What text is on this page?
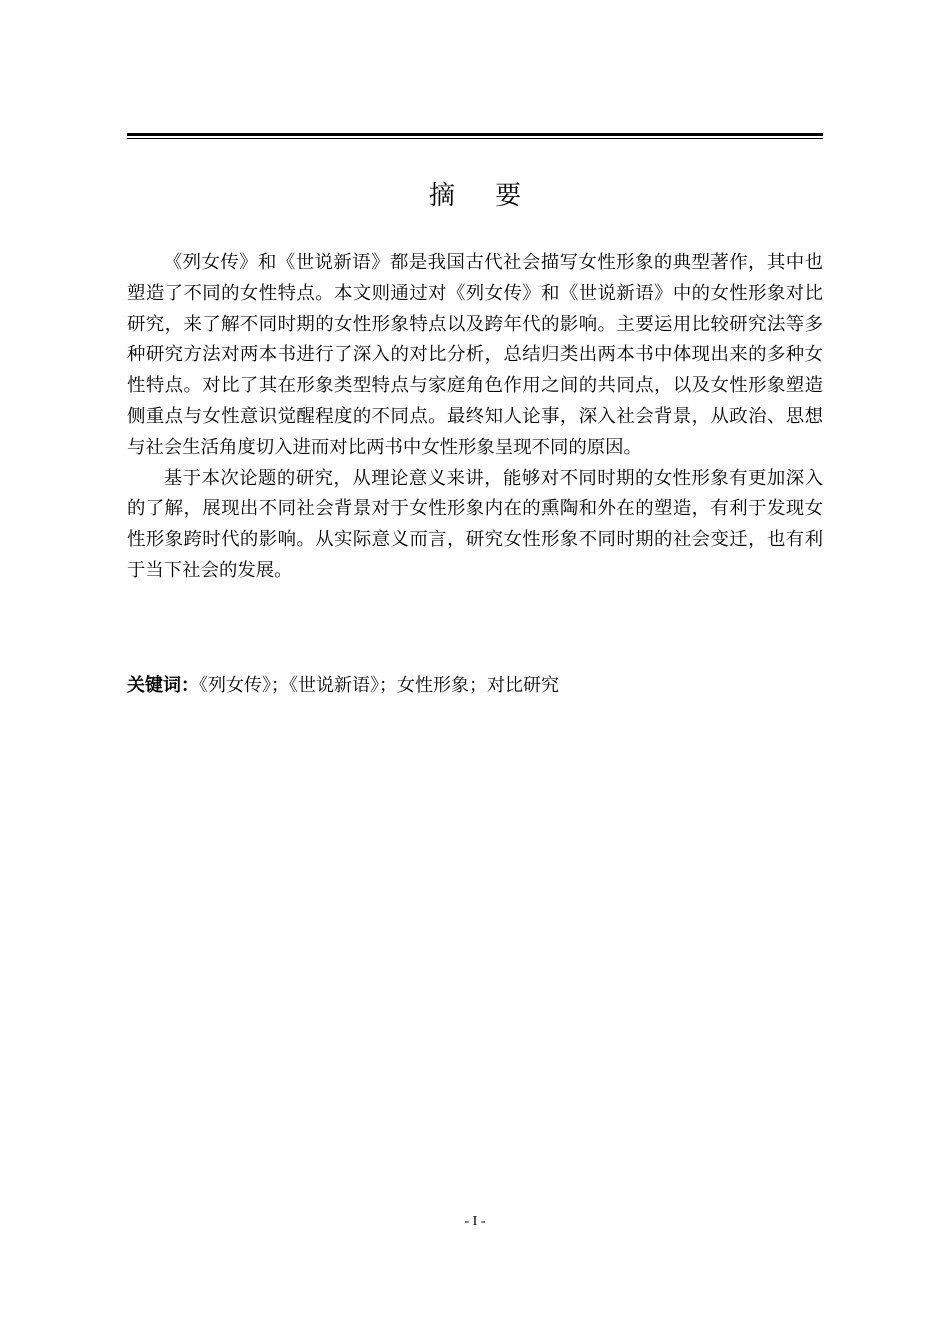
摘 要

《列女传》和《世说新语》都是我国古代社会描写女性形象的典型著作，其中也塑造了不同的女性特点。本文则通过对《列女传》和《世说新语》中的女性形象对比研究，来了解不同时期的女性形象特点以及跨年代的影响。主要运用比较研究法等多种研究方法对两本书进行了深入的对比分析，总结归类出两本书中体现出来的多种女性特点。对比了其在形象类型特点与家庭角色作用之间的共同点，以及女性形象塑造侧重点与女性意识觉醒程度的不同点。最终知人论事，深入社会背景，从政治、思想与社会生活角度切入进而对比两书中女性形象呈现不同的原因。

基于本次论题的研究，从理论意义来讲，能够对不同时期的女性形象有更加深入的了解，展现出不同社会背景对于女性形象内在的熏陶和外在的塑造，有利于发现女性形象跨时代的影响。从实际意义而言，研究女性形象不同时期的社会变迁，也有利于当下社会的发展。

关键词：《列女传》；《世说新语》；女性形象；对比研究

- I -
